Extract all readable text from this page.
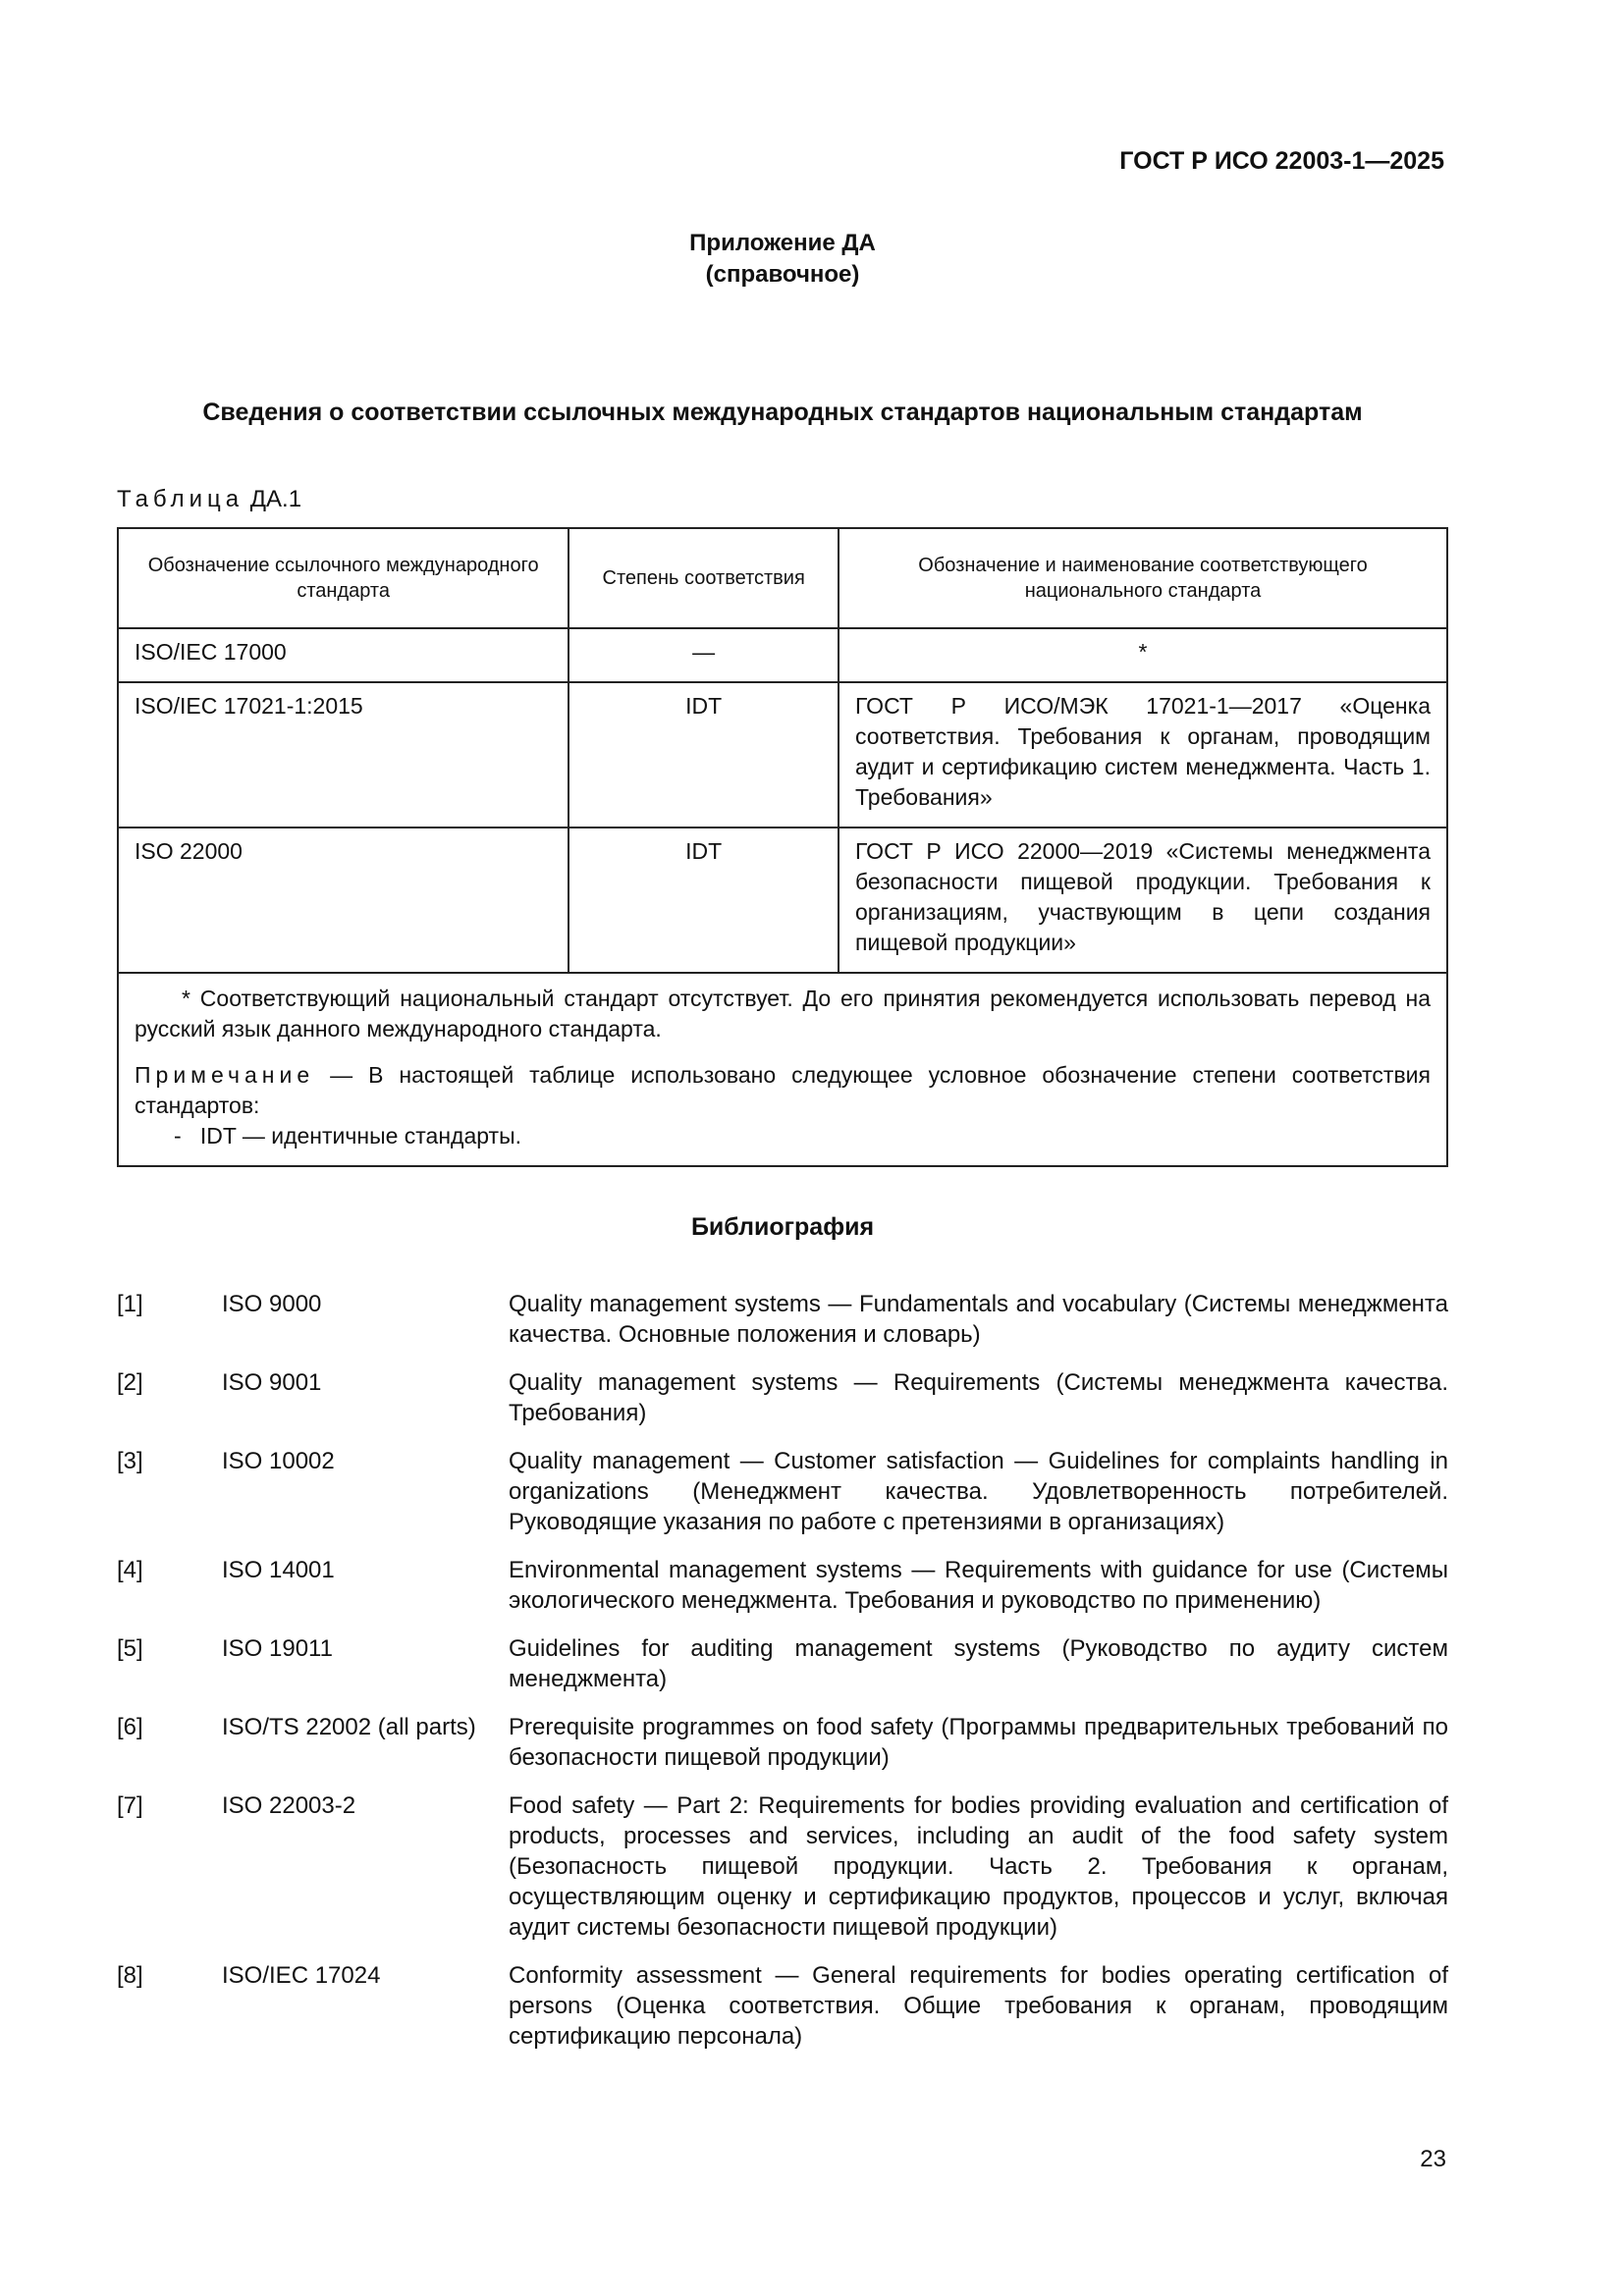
ГОСТ Р ИСО 22003-1—2025
Приложение ДА
(справочное)
Сведения о соответствии ссылочных международных стандартов национальным стандартам
Таблица ДА.1
Обозначение ссылочного международного стандарта	Степень соответствия	Обозначение и наименование соответствующего национального стандарта
ISO/IEC 17000	—	*
ISO/IEC 17021-1:2015	IDT	ГОСТ Р ИСО/МЭК 17021-1—2017 «Оценка соответствия. Требования к органам, проводящим аудит и сертификацию систем менеджмента. Часть 1. Требования»
ISO 22000	IDT	ГОСТ Р ИСО 22000—2019 «Системы менеджмента безопасности пищевой продукции. Требования к организациям, участвующим в цепи создания пищевой продукции»

* Соответствующий национальный стандарт отсутствует. До его принятия рекомендуется использовать перевод на русский язык данного международного стандарта.

Примечание — В настоящей таблице использовано следующее условное обозначение степени соответствия стандартов:

-   IDT — идентичные стандарты.		

Библиография
[1]	ISO 9000	Quality management systems — Fundamentals and vocabulary (Системы менеджмента качества. Основные положения и словарь)
[2]	ISO 9001	Quality management systems — Requirements (Системы менеджмента качества. Требования)
[3]	ISO 10002	Quality management — Customer satisfaction — Guidelines for complaints handling in organizations (Менеджмент качества. Удовлетворенность потребителей. Руководящие указания по работе с претензиями в организациях)
[4]	ISO 14001	Environmental management systems — Requirements with guidance for use (Системы экологического менеджмента. Требования и руководство по применению)
[5]	ISO 19011	Guidelines for auditing management systems (Руководство по аудиту систем менеджмента)
[6]	ISO/TS 22002 (all parts)	Prerequisite programmes on food safety (Программы предварительных требований по безопасности пищевой продукции)
[7]	ISO 22003-2	Food safety — Part 2: Requirements for bodies providing evaluation and certification of products, processes and services, including an audit of the food safety system (Безопасность пищевой продукции. Часть 2. Требования к органам, осуществляющим оценку и сертификацию продуктов, процессов и услуг, включая аудит системы безопасности пищевой продукции)
[8]	ISO/IEC 17024	Conformity assessment — General requirements for bodies operating certification of persons (Оценка соответствия. Общие требования к органам, проводящим сертификацию персонала)
23
